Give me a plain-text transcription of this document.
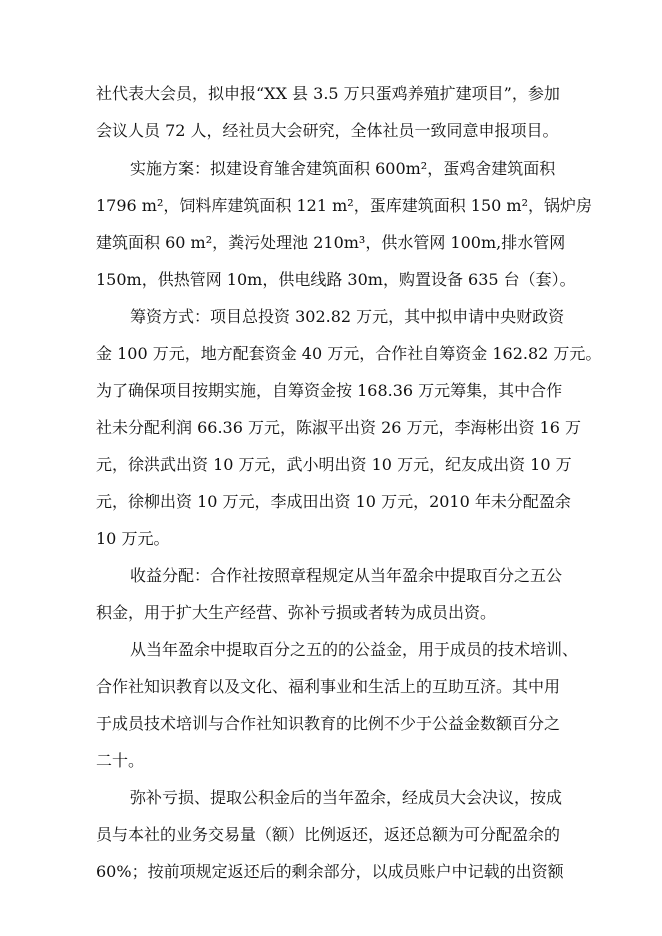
社代表大会员，拟申报“XX 县 3.5 万只蛋鸡养殖扩建项目”，参加
会议人员 72 人，经社员大会研究，全体社员一致同意申报项目。
实施方案：拟建设育雏舍建筑面积 600m²，蛋鸡舍建筑面积
1796 m²，饲料库建筑面积 121 m²，蛋库建筑面积 150 m²，锅炉房
建筑面积 60 m²，粪污处理池 210m³，供水管网 100m,排水管网
150m，供热管网 10m，供电线路 30m，购置设备 635 台（套）。
筹资方式：项目总投资 302.82 万元，其中拟申请中央财政资
金 100 万元，地方配套资金 40 万元，合作社自筹资金 162.82 万元。
为了确保项目按期实施，自筹资金按 168.36 万元筹集，其中合作
社未分配利润 66.36 万元，陈淑平出资 26 万元，李海彬出资 16 万
元，徐洪武出资 10 万元，武小明出资 10 万元，纪友成出资 10 万
元，徐柳出资 10 万元，李成田出资 10 万元，2010 年未分配盈余
10 万元。
收益分配：合作社按照章程规定从当年盈余中提取百分之五公
积金，用于扩大生产经营、弥补亏损或者转为成员出资。
从当年盈余中提取百分之五的的公益金，用于成员的技术培训、
合作社知识教育以及文化、福利事业和生活上的互助互济。其中用
于成员技术培训与合作社知识教育的比例不少于公益金数额百分之
二十。
弥补亏损、提取公积金后的当年盈余，经成员大会决议，按成
员与本社的业务交易量（额）比例返还，返还总额为可分配盈余的
60%；按前项规定返还后的剩余部分，以成员账户中记载的出资额
